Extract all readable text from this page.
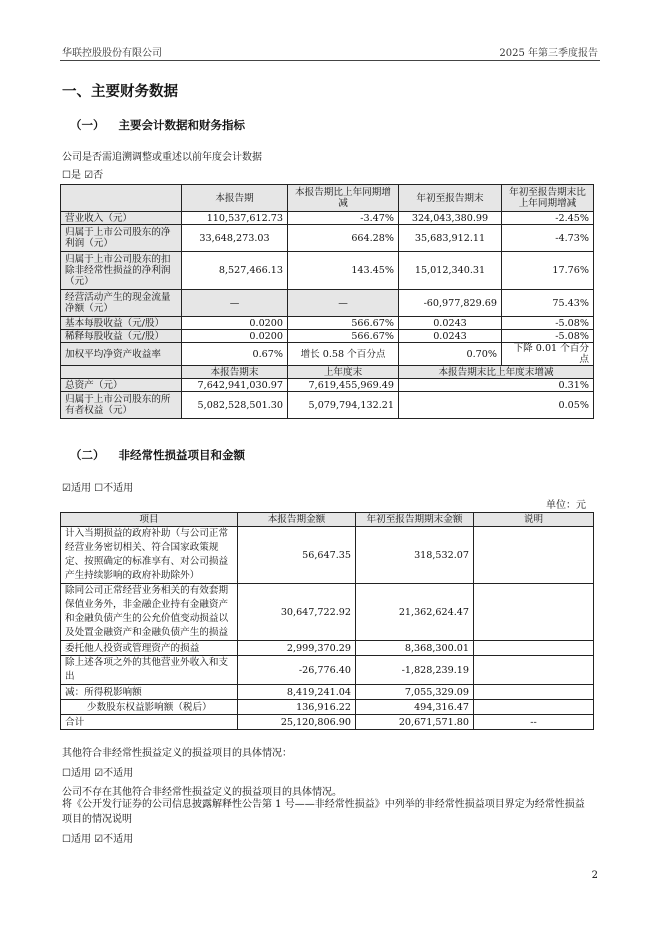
华联控股股份有限公司	2025 年第三季度报告
一、主要财务数据
（一） 主要会计数据和财务指标
公司是否需追溯调整或重述以前年度会计数据
☐是 ☑否
	本报告期	本报告期比上年同期增减	年初至报告期末	年初至报告期末比上年同期增减
营业收入（元）	110,537,612.73	-3.47%	324,043,380.99	-2.45%
归属于上市公司股东的净利润（元）	33,648,273.03	664.28%	35,683,912.11	-4.73%
归属于上市公司股东的扣除非经常性损益的净利润（元）	8,527,466.13	143.45%	15,012,340.31	17.76%
经营活动产生的现金流量净额（元）	—	—	-60,977,829.69	75.43%
基本每股收益（元/股）	0.0200	566.67%	0.0243	-5.08%
稀释每股收益（元/股）	0.0200	566.67%	0.0243	-5.08%
加权平均净资产收益率	0.67%	增长 0.58 个百分点	0.70%	下降 0.01 个百分点
	本报告期末	上年度末	本报告期末比上年度末增减	
总资产（元）	7,642,941,030.97	7,619,455,969.49	0.31%	
归属于上市公司股东的所有者权益（元）	5,082,528,501.30	5,079,794,132.21	0.05%	
（二） 非经常性损益项目和金额
☑适用 ☐不适用
单位：元
项目	本报告期金额	年初至报告期期末金额	说明
计入当期损益的政府补助（与公司正常经营业务密切相关、符合国家政策规定、按照确定的标准享有、对公司损益产生持续影响的政府补助除外）	56,647.35	318,532.07	
除同公司正常经营业务相关的有效套期保值业务外，非金融企业持有金融资产和金融负债产生的公允价值变动损益以及处置金融资产和金融负债产生的损益	30,647,722.92	21,362,624.47	
委托他人投资或管理资产的损益	2,999,370.29	8,368,300.01	
除上述各项之外的其他营业外收入和支出	-26,776.40	-1,828,239.19	
减：所得税影响额	8,419,241.04	7,055,329.09	
少数股东权益影响额（税后）	136,916.22	494,316.47	
合计	25,120,806.90	20,671,571.80	--
其他符合非经常性损益定义的损益项目的具体情况：
☐适用 ☑不适用
公司不存在其他符合非经常性损益定义的损益项目的具体情况。
将《公开发行证券的公司信息披露解释性公告第 1 号——非经常性损益》中列举的非经常性损益项目界定为经常性损益项目的情况说明
☐适用 ☑不适用
2
